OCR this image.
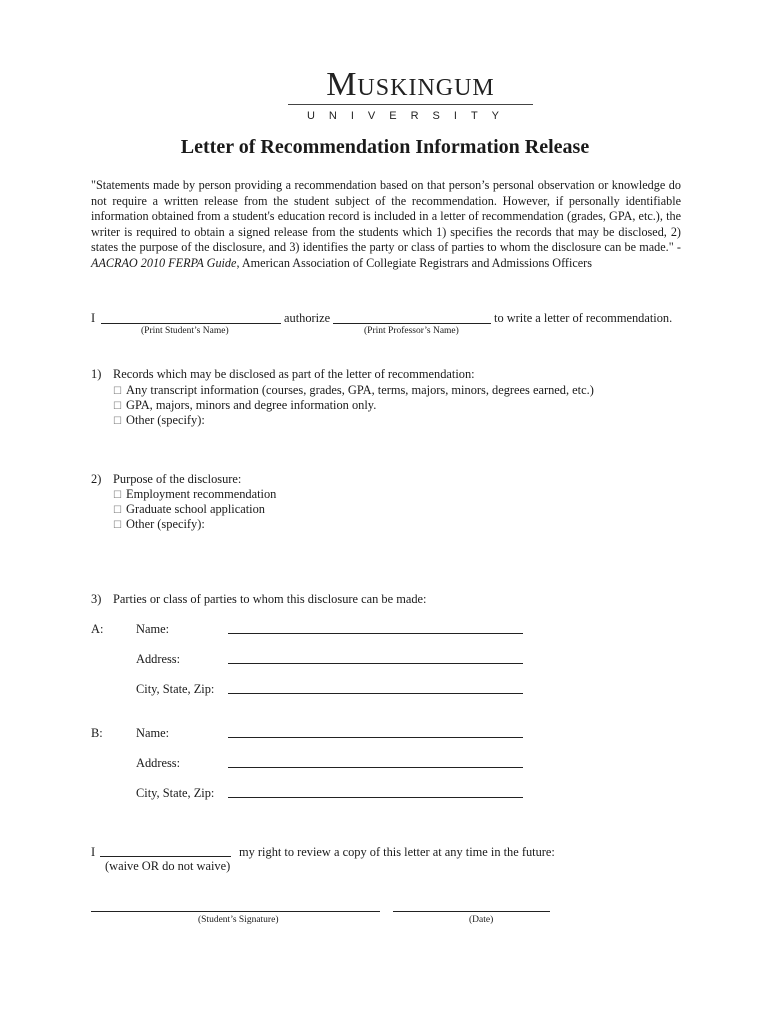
Muskingum
UNIVERSITY
Letter of Recommendation Information Release
"Statements made by person providing a recommendation based on that person’s personal observation or knowledge do not require a written release from the student subject of the recommendation. However, if personally identifiable information obtained from a student's education record is included in a letter of recommendation (grades, GPA, etc.), the writer is required to obtain a signed release from the students which 1) specifies the records that may be disclosed, 2) states the purpose of the disclosure, and 3) identifies the party or class of parties to whom the disclosure can be made." - AACRAO 2010 FERPA Guide, American Association of Collegiate Registrars and Admissions Officers
I	authorize	to write a letter of recommendation.
(Print Student’s Name)	(Print Professor’s Name)
1) Records which may be disclosed as part of the letter of recommendation:
☐ Any transcript information (courses, grades, GPA, terms, majors, minors, degrees earned, etc.)
☐ GPA, majors, minors and degree information only.
☐ Other (specify):
2) Purpose of the disclosure:
☐ Employment recommendation
☐ Graduate school application
☐ Other (specify):
3) Parties or class of parties to whom this disclosure can be made:
A:	Name:
Address:
City, State, Zip:
B:	Name:
Address:
City, State, Zip:
I	my right to review a copy of this letter at any time in the future:
(waive OR do not waive)
(Student’s Signature)	(Date)
